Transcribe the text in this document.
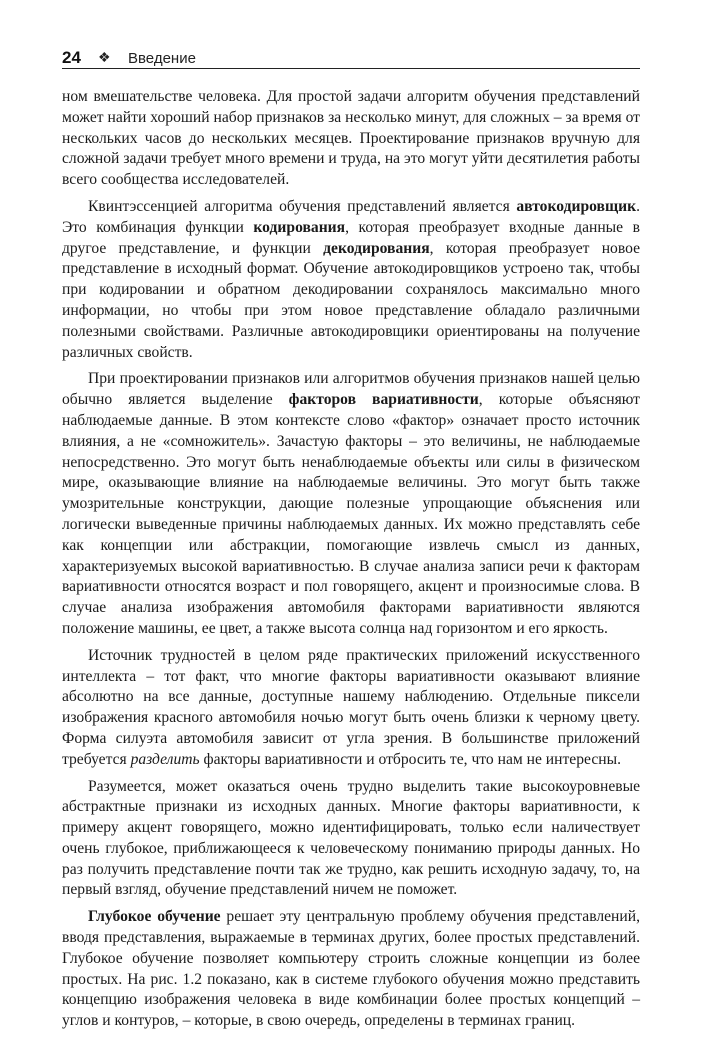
24 ❖ Введение

ном вмешательстве человека. Для простой задачи алгоритм обучения представлений может найти хороший набор признаков за несколько минут, для сложных – за время от нескольких часов до нескольких месяцев. Проектирование признаков вручную для сложной задачи требует много времени и труда, на это могут уйти десятилетия работы всего сообщества исследователей.

Квинтэссенцией алгоритма обучения представлений является автокодировщик. Это комбинация функции кодирования, которая преобразует входные данные в другое представление, и функции декодирования, которая преобразует новое представление в исходный формат. Обучение автокодировщиков устроено так, чтобы при кодировании и обратном декодировании сохранялось максимально много информации, но чтобы при этом новое представление обладало различными полезными свойствами. Различные автокодировщики ориентированы на получение различных свойств.

При проектировании признаков или алгоритмов обучения признаков нашей целью обычно является выделение факторов вариативности, которые объясняют наблюдаемые данные. В этом контексте слово «фактор» означает просто источник влияния, а не «сомножитель». Зачастую факторы – это величины, не наблюдаемые непосредственно. Это могут быть ненаблюдаемые объекты или силы в физическом мире, оказывающие влияние на наблюдаемые величины. Это могут быть также умозрительные конструкции, дающие полезные упрощающие объяснения или логически выведенные причины наблюдаемых данных. Их можно представлять себе как концепции или абстракции, помогающие извлечь смысл из данных, характеризуемых высокой вариативностью. В случае анализа записи речи к факторам вариативности относятся возраст и пол говорящего, акцент и произносимые слова. В случае анализа изображения автомобиля факторами вариативности являются положение машины, ее цвет, а также высота солнца над горизонтом и его яркость.

Источник трудностей в целом ряде практических приложений искусственного интеллекта – тот факт, что многие факторы вариативности оказывают влияние абсолютно на все данные, доступные нашему наблюдению. Отдельные пиксели изображения красного автомобиля ночью могут быть очень близки к черному цвету. Форма силуэта автомобиля зависит от угла зрения. В большинстве приложений требуется разделить факторы вариативности и отбросить те, что нам не интересны.

Разумеется, может оказаться очень трудно выделить такие высокоуровневые абстрактные признаки из исходных данных. Многие факторы вариативности, к примеру акцент говорящего, можно идентифицировать, только если наличествует очень глубокое, приближающееся к человеческому пониманию природы данных. Но раз получить представление почти так же трудно, как решить исходную задачу, то, на первый взгляд, обучение представлений ничем не поможет.

Глубокое обучение решает эту центральную проблему обучения представлений, вводя представления, выражаемые в терминах других, более простых представлений. Глубокое обучение позволяет компьютеру строить сложные концепции из более простых. На рис. 1.2 показано, как в системе глубокого обучения можно представить концепцию изображения человека в виде комбинации более простых концепций – углов и контуров, – которые, в свою очередь, определены в терминах границ.
